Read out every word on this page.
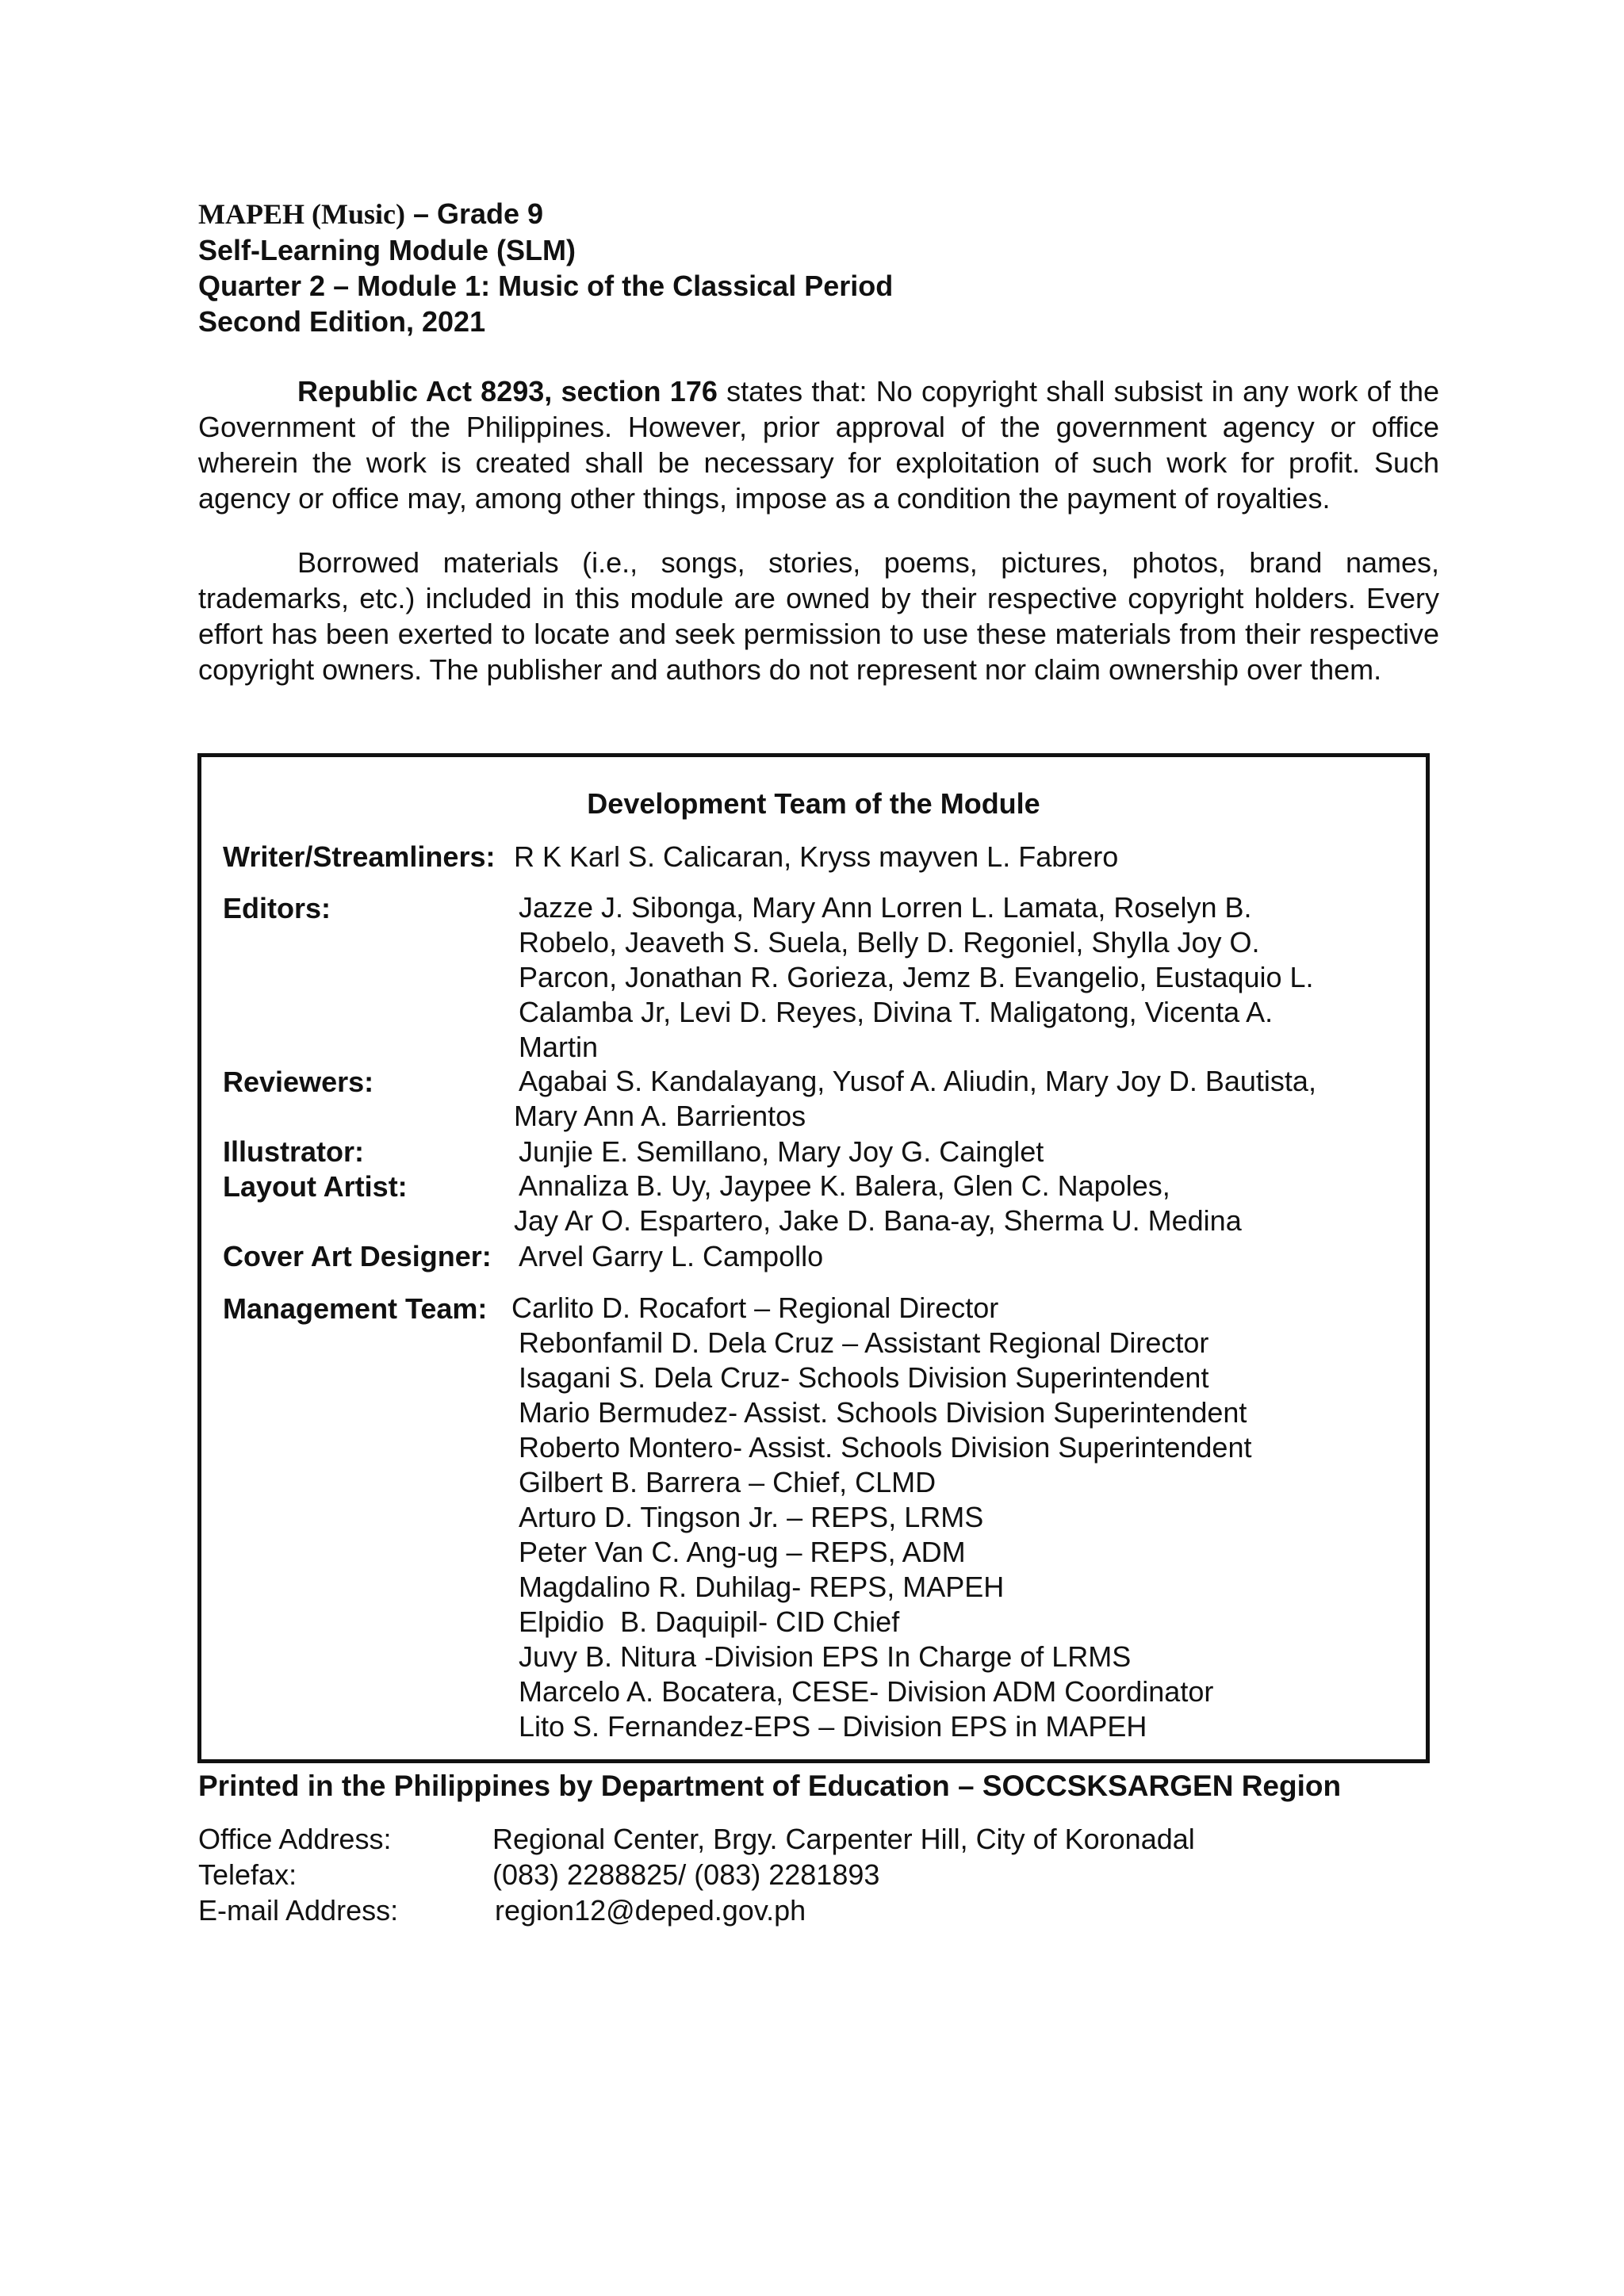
MAPEH (Music) – Grade 9
Self-Learning Module (SLM)
Quarter 2 – Module 1: Music of the Classical Period
Second Edition, 2021
Republic Act 8293, section 176 states that: No copyright shall subsist in any work of the Government of the Philippines. However, prior approval of the government agency or office wherein the work is created shall be necessary for exploitation of such work for profit. Such agency or office may, among other things, impose as a condition the payment of royalties.
Borrowed materials (i.e., songs, stories, poems, pictures, photos, brand names, trademarks, etc.) included in this module are owned by their respective copyright holders. Every effort has been exerted to locate and seek permission to use these materials from their respective copyright owners. The publisher and authors do not represent nor claim ownership over them.
Development Team of the Module
Writer/Streamliners: R K Karl S. Calicaran, Kryss mayven L. Fabrero
Editors:	Jazze J. Sibonga, Mary Ann Lorren L. Lamata, Roselyn B.
Robelo, Jeaveth S. Suela, Belly D. Regoniel, Shylla Joy O.
Parcon, Jonathan R. Gorieza, Jemz B. Evangelio, Eustaquio L.
Calamba Jr, Levi D. Reyes, Divina T. Maligatong, Vicenta A.
Martin
Reviewers:	Agabai S. Kandalayang, Yusof A. Aliudin, Mary Joy D. Bautista,
Mary Ann A. Barrientos
Illustrator:	Junjie E. Semillano, Mary Joy G. Cainglet
Layout Artist:	Annaliza B. Uy, Jaypee K. Balera, Glen C. Napoles,
Jay Ar O. Espartero, Jake D. Bana-ay, Sherma U. Medina
Cover Art Designer: Arvel Garry L. Campollo
Management Team: Carlito D. Rocafort – Regional Director
Rebonfamil D. Dela Cruz – Assistant Regional Director
Isagani S. Dela Cruz- Schools Division Superintendent
Mario Bermudez- Assist. Schools Division Superintendent
Roberto Montero- Assist. Schools Division Superintendent
Gilbert B. Barrera – Chief, CLMD
Arturo D. Tingson Jr. – REPS, LRMS
Peter Van C. Ang-ug – REPS, ADM
Magdalino R. Duhilag- REPS, MAPEH
Elpidio  B. Daquipil- CID Chief
Juvy B. Nitura -Division EPS In Charge of LRMS
Marcelo A. Bocatera, CESE- Division ADM Coordinator
Lito S. Fernandez-EPS – Division EPS in MAPEH
Printed in the Philippines by Department of Education – SOCCSKSARGEN Region
Office Address:	Regional Center, Brgy. Carpenter Hill, City of Koronadal
Telefax:	(083) 2288825/ (083) 2281893
E-mail Address:	region12@deped.gov.ph
